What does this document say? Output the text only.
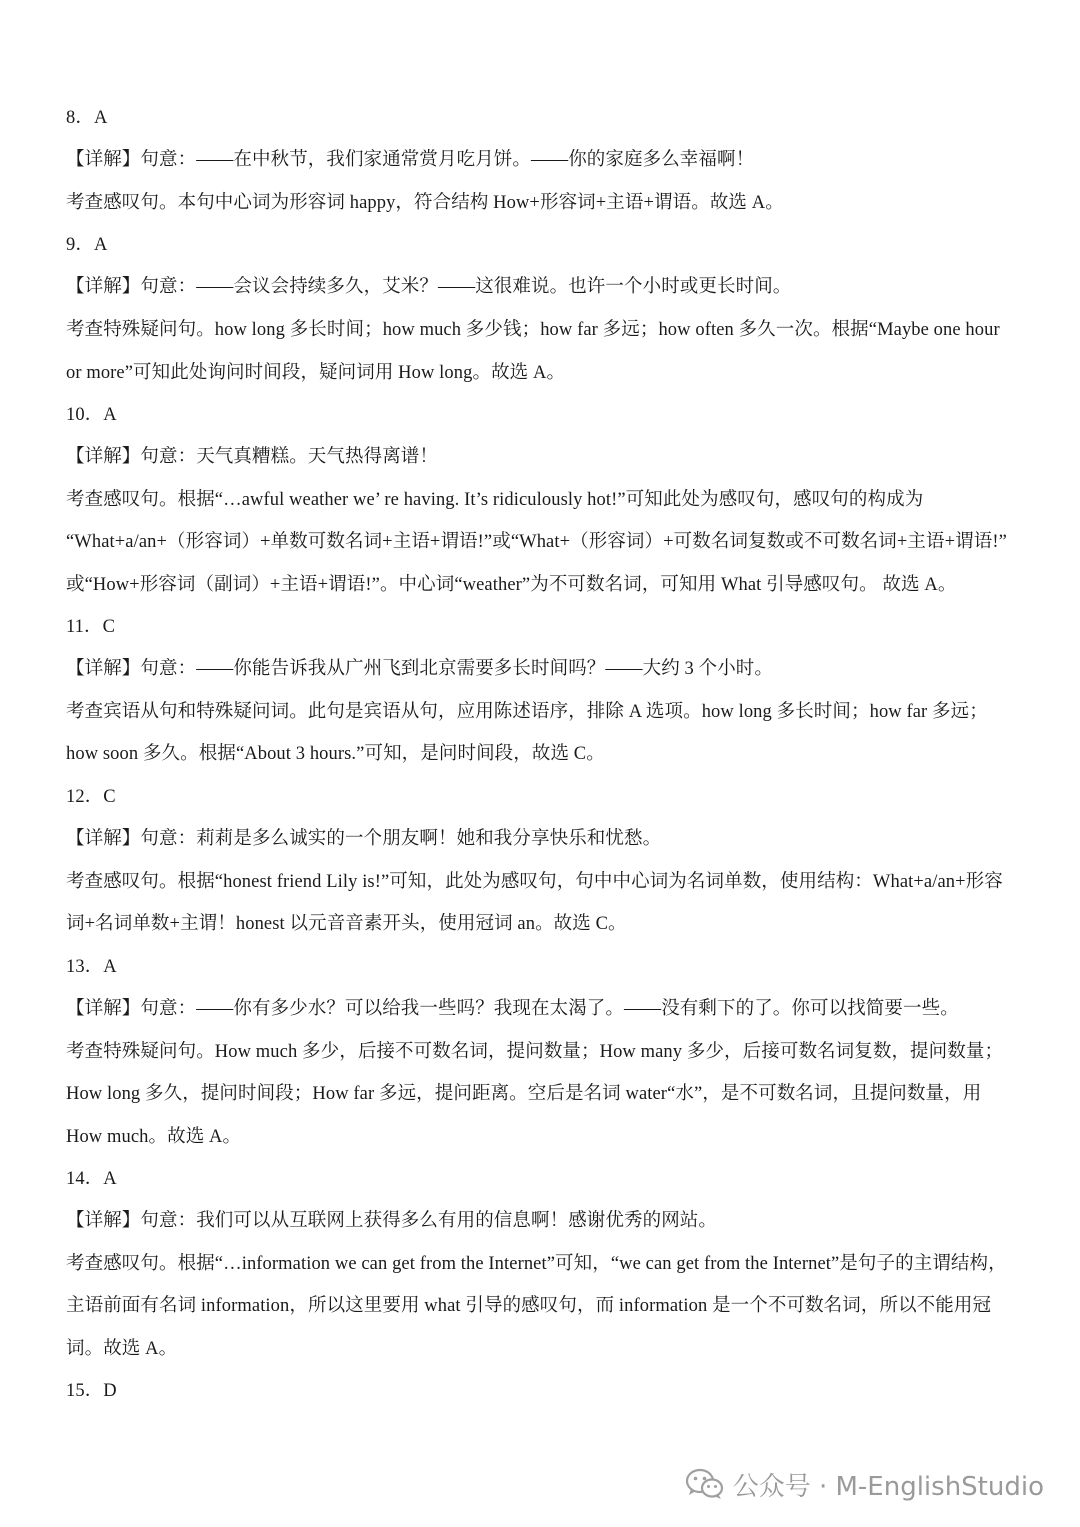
8．A
【详解】句意：——在中秋节，我们家通常赏月吃月饼。——你的家庭多么幸福啊！
考查感叹句。本句中心词为形容词 happy，符合结构 How+形容词+主语+谓语。故选 A。
9．A
【详解】句意：——会议会持续多久，艾米？——这很难说。也许一个小时或更长时间。
考查特殊疑问句。how long 多长时间；how much 多少钱；how far 多远；how often 多久一次。根据“Maybe one hour
or more”可知此处询问时间段，疑问词用 How long。故选 A。
10．A
【详解】句意：天气真糟糕。天气热得离谱！
考查感叹句。根据“…awful weather we’ re having. It’s ridiculously hot!”可知此处为感叹句，感叹句的构成为
“What+a/an+（形容词）+单数可数名词+主语+谓语!”或“What+（形容词）+可数名词复数或不可数名词+主语+谓语!”
或“How+形容词（副词）+主语+谓语!”。中心词“weather”为不可数名词，可知用 What 引导感叹句。 故选 A。
11．C
【详解】句意：——你能告诉我从广州飞到北京需要多长时间吗？——大约 3 个小时。
考查宾语从句和特殊疑问词。此句是宾语从句，应用陈述语序，排除 A 选项。how long 多长时间；how far 多远；
how soon 多久。根据“About 3 hours.”可知，是问时间段，故选 C。
12．C
【详解】句意：莉莉是多么诚实的一个朋友啊！她和我分享快乐和忧愁。
考查感叹句。根据“honest friend Lily is!”可知，此处为感叹句，句中中心词为名词单数，使用结构：What+a/an+形容
词+名词单数+主谓！honest 以元音音素开头，使用冠词 an。故选 C。
13．A
【详解】句意：——你有多少水？可以给我一些吗？我现在太渴了。——没有剩下的了。你可以找简要一些。
考查特殊疑问句。How much 多少，后接不可数名词，提问数量；How many 多少，后接可数名词复数，提问数量；
How long 多久，提问时间段；How far 多远，提问距离。空后是名词 water“水”，是不可数名词，且提问数量，用
How much。故选 A。
14．A
【详解】句意：我们可以从互联网上获得多么有用的信息啊！感谢优秀的网站。
考查感叹句。根据“…information we can get from the Internet”可知，“we can get from the Internet”是句子的主谓结构，
主语前面有名词 information，所以这里要用 what 引导的感叹句，而 information 是一个不可数名词，所以不能用冠
词。故选 A。
15．D
公众号 · M-EnglishStudio
